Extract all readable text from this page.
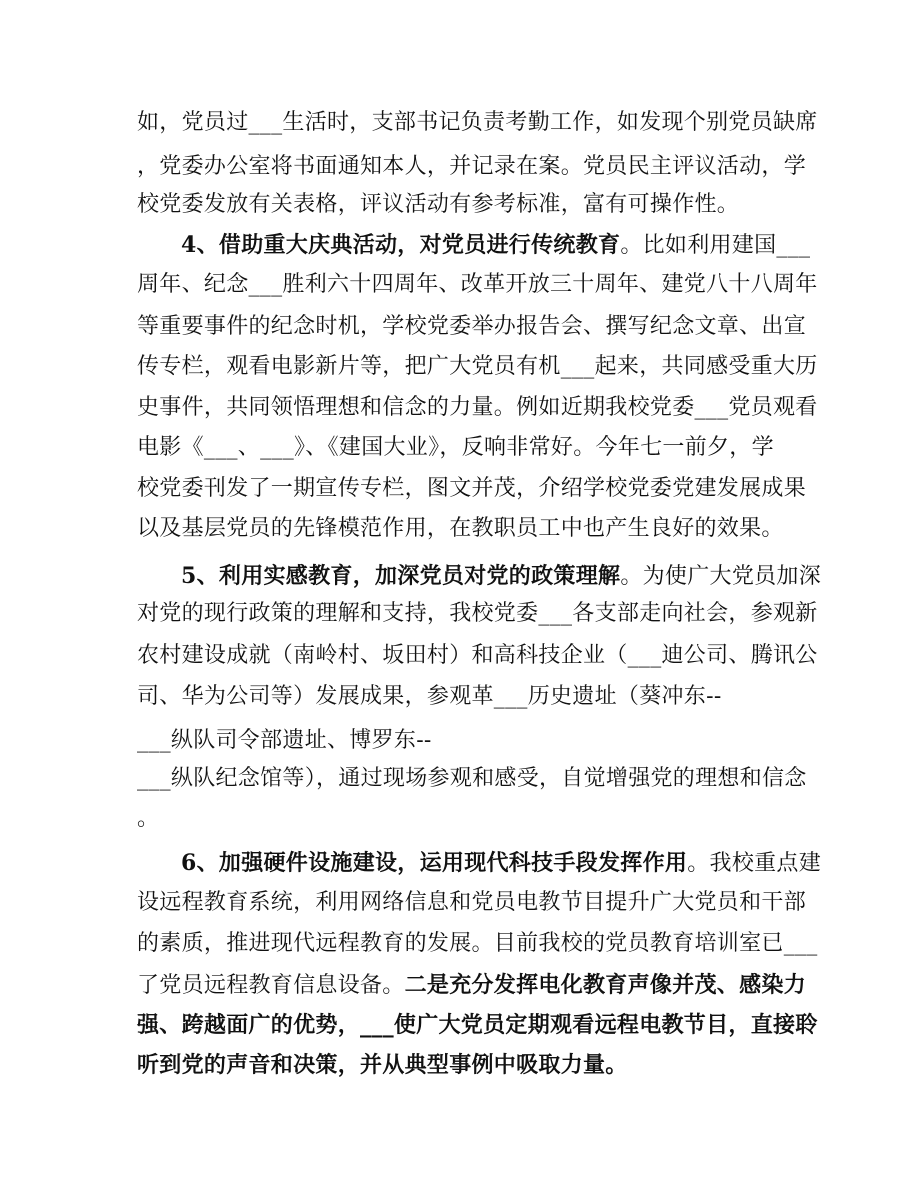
如，党员过___生活时，支部书记负责考勤工作，如发现个别党员缺席
，党委办公室将书面通知本人，并记录在案。党员民主评议活动，学
校党委发放有关表格，评议活动有参考标准，富有可操作性。
4、借助重大庆典活动，对党员进行传统教育。比如利用建国___
周年、纪念___胜利六十四周年、改革开放三十周年、建党八十八周年
等重要事件的纪念时机，学校党委举办报告会、撰写纪念文章、出宣
传专栏，观看电影新片等，把广大党员有机___起来，共同感受重大历
史事件，共同领悟理想和信念的力量。例如近期我校党委___党员观看
电影《___、___》、《建国大业》，反响非常好。今年七一前夕，学
校党委刊发了一期宣传专栏，图文并茂，介绍学校党委党建发展成果
以及基层党员的先锋模范作用，在教职员工中也产生良好的效果。
5、利用实感教育，加深党员对党的政策理解。为使广大党员加深
对党的现行政策的理解和支持，我校党委___各支部走向社会，参观新
农村建设成就（南岭村、坂田村）和高科技企业（___迪公司、腾讯公
司、华为公司等）发展成果，参观革___历史遗址（葵冲东--
___纵队司令部遗址、博罗东--
___纵队纪念馆等），通过现场参观和感受，自觉增强党的理想和信念
。
6、加强硬件设施建设，运用现代科技手段发挥作用。我校重点建
设远程教育系统，利用网络信息和党员电教节目提升广大党员和干部
的素质，推进现代远程教育的发展。目前我校的党员教育培训室已___
了党员远程教育信息设备。二是充分发挥电化教育声像并茂、感染力
强、跨越面广的优势，___使广大党员定期观看远程电教节目，直接聆
听到党的声音和决策，并从典型事例中吸取力量。
